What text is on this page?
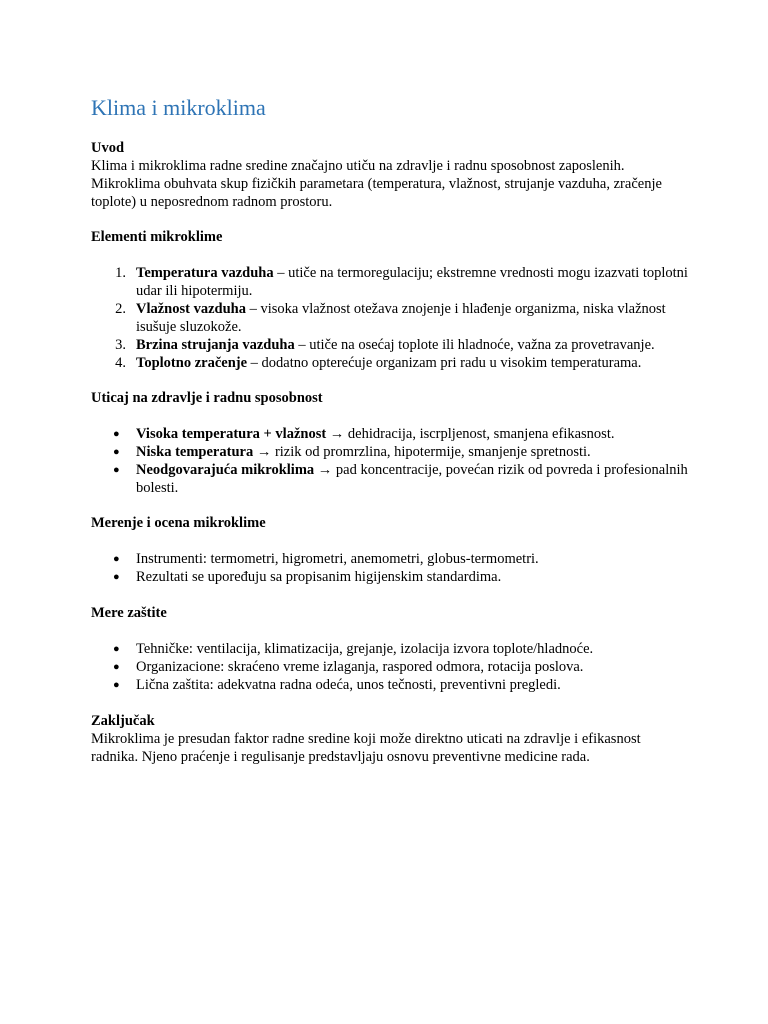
Klima i mikroklima
Uvod

Klima i mikroklima radne sredine značajno utiču na zdravlje i radnu sposobnost zaposlenih. Mikroklima obuhvata skup fizičkih parametara (temperatura, vlažnost, strujanje vazduha, zračenje toplote) u neposrednom radnom prostoru.

Elementi mikroklime
1. Temperatura vazduha – utiče na termoregulaciju; ekstremne vrednosti mogu izazvati toplotni udar ili hipotermiju.
2. Vlažnost vazduha – visoka vlažnost otežava znojenje i hlađenje organizma, niska vlažnost isušuje sluzokože.
3. Brzina strujanja vazduha – utiče na osećaj toplote ili hladnoće, važna za provetravanje.
4. Toplotno zračenje – dodatno opterećuje organizam pri radu u visokim temperaturama.
Uticaj na zdravlje i radnu sposobnost
● Visoka temperatura + vlažnost → dehidracija, iscrpljenost, smanjena efikasnost.
● Niska temperatura → rizik od promrzlina, hipotermije, smanjenje spretnosti.
● Neodgovarajuća mikroklima → pad koncentracije, povećan rizik od povreda i profesionalnih bolesti.
Merenje i ocena mikroklime
● Instrumenti: termometri, higrometri, anemometri, globus-termometri.
● Rezultati se upoređuju sa propisanim higijenskim standardima.
Mere zaštite
● Tehničke: ventilacija, klimatizacija, grejanje, izolacija izvora toplote/hladnoće.
● Organizacione: skraćeno vreme izlaganja, raspored odmora, rotacija poslova.
● Lična zaštita: adekvatna radna odeća, unos tečnosti, preventivni pregledi.
Zaključak

Mikroklima je presudan faktor radne sredine koji može direktno uticati na zdravlje i efikasnost radnika. Njeno praćenje i regulisanje predstavljaju osnovu preventivne medicine rada.
